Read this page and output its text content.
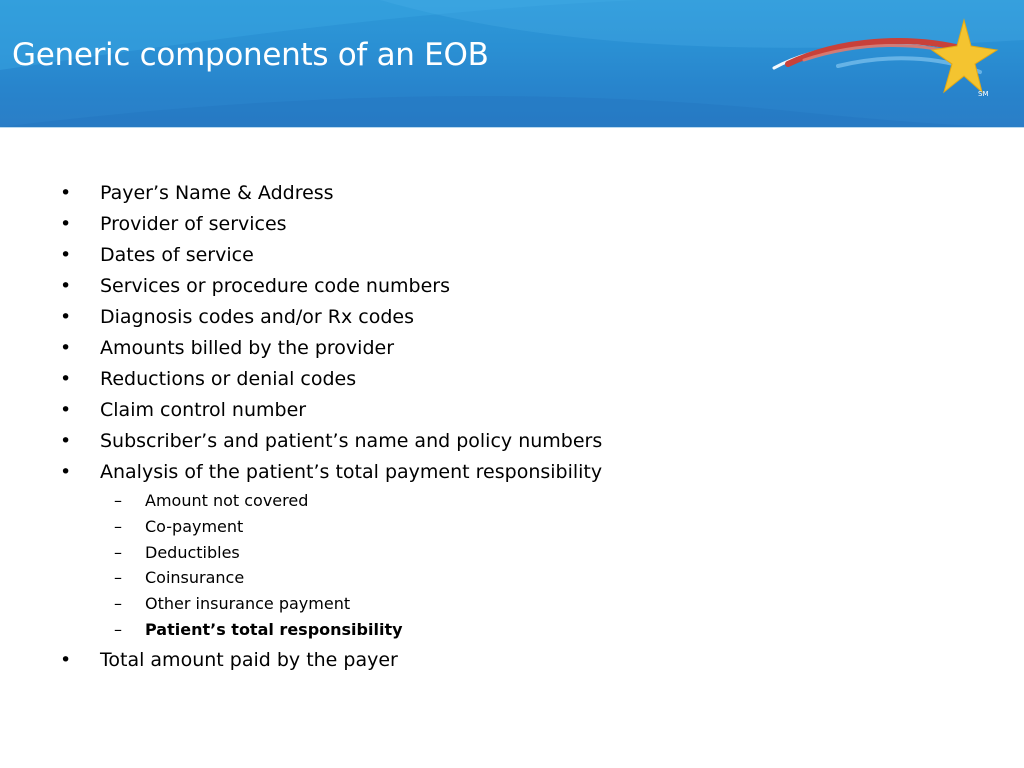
Generic components of an EOB
SM
• Payer’s Name & Address
• Provider of services
• Dates of service
• Services or procedure code numbers
• Diagnosis codes and/or Rx codes
• Amounts billed by the provider
• Reductions or denial codes
• Claim control number
• Subscriber’s and patient’s name and policy numbers
• Analysis of the patient’s total payment responsibility
– Amount not covered
– Co-payment
– Deductibles
– Coinsurance
– Other insurance payment
– Patient’s total responsibility
• Total amount paid by the payer
